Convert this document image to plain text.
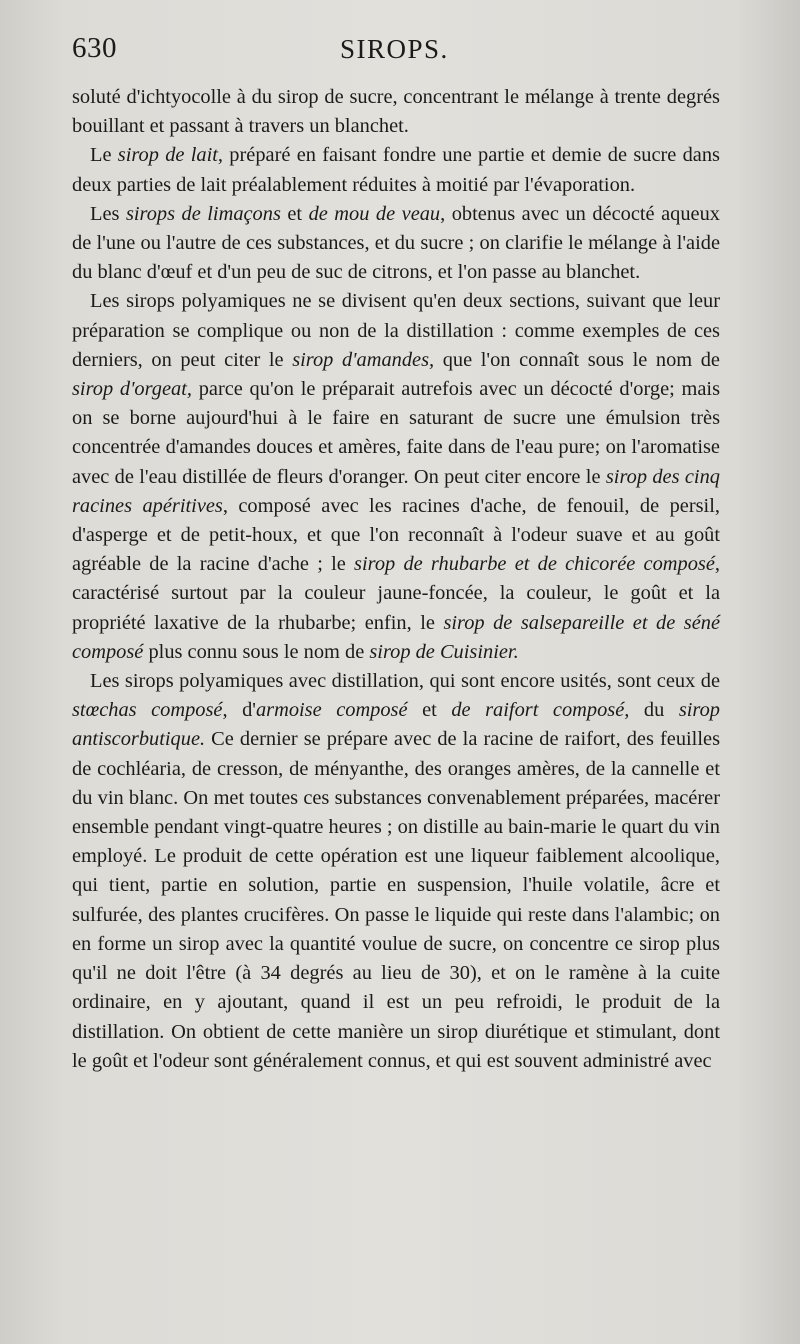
630	SIROPS.

soluté d'ichtyocolle à du sirop de sucre, concentrant le mélange à trente degrés bouillant et passant à travers un blanchet.

Le sirop de lait, préparé en faisant fondre une partie et demie de sucre dans deux parties de lait préalablement réduites à moitié par l'évaporation.

Les sirops de limaçons et de mou de veau, obtenus avec un décocté aqueux de l'une ou l'autre de ces substances, et du sucre ; on clarifie le mélange à l'aide du blanc d'œuf et d'un peu de suc de citrons, et l'on passe au blanchet.

Les sirops polyamiques ne se divisent qu'en deux sections, suivant que leur préparation se complique ou non de la distillation : comme exemples de ces derniers, on peut citer le sirop d'amandes, que l'on connaît sous le nom de sirop d'orgeat, parce qu'on le préparait autrefois avec un décocté d'orge; mais on se borne aujourd'hui à le faire en saturant de sucre une émulsion très concentrée d'amandes douces et amères, faite dans de l'eau pure; on l'aromatise avec de l'eau distillée de fleurs d'oranger. On peut citer encore le sirop des cinq racines apéritives, composé avec les racines d'ache, de fenouil, de persil, d'asperge et de petit-houx, et que l'on reconnaît à l'odeur suave et au goût agréable de la racine d'ache ; le sirop de rhubarbe et de chicorée composé, caractérisé surtout par la couleur jaune-foncée, la couleur, le goût et la propriété laxative de la rhubarbe; enfin, le sirop de salsepareille et de séné composé plus connu sous le nom de sirop de Cuisinier.

Les sirops polyamiques avec distillation, qui sont encore usités, sont ceux de stœchas composé, d'armoise composé et de raifort composé, du sirop antiscorbutique. Ce dernier se prépare avec de la racine de raifort, des feuilles de cochléaria, de cresson, de ményanthe, des oranges amères, de la cannelle et du vin blanc. On met toutes ces substances convenablement préparées, macérer ensemble pendant vingt-quatre heures ; on distille au bain-marie le quart du vin employé. Le produit de cette opération est une liqueur faiblement alcoolique, qui tient, partie en solution, partie en suspension, l'huile volatile, âcre et sulfurée, des plantes crucifères. On passe le liquide qui reste dans l'alambic; on en forme un sirop avec la quantité voulue de sucre, on concentre ce sirop plus qu'il ne doit l'être (à 34 degrés au lieu de 30), et on le ramène à la cuite ordinaire, en y ajoutant, quand il est un peu refroidi, le produit de la distillation. On obtient de cette manière un sirop diurétique et stimulant, dont le goût et l'odeur sont généralement connus, et qui est souvent administré avec
